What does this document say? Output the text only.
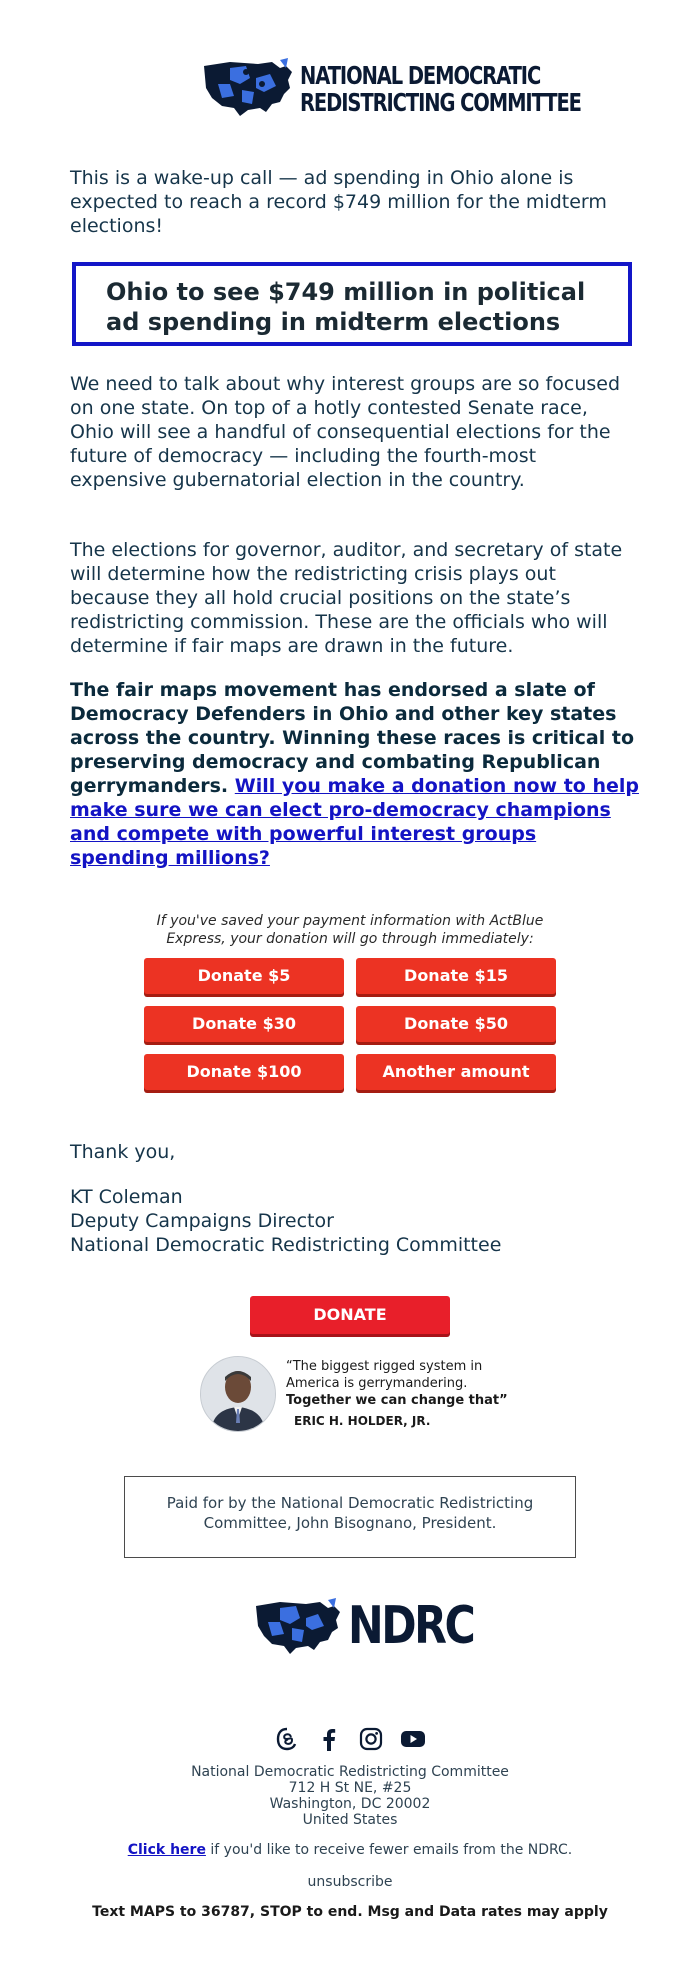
NATIONAL DEMOCRATIC
REDISTRICTING COMMITTEE

This is a wake-up call — ad spending in Ohio alone is expected to reach a record $749 million for the midterm elections!

Ohio to see $749 million in political ad spending in midterm elections

We need to talk about why interest groups are so focused on one state. On top of a hotly contested Senate race, Ohio will see a handful of consequential elections for the future of democracy — including the fourth-most expensive gubernatorial election in the country.

The elections for governor, auditor, and secretary of state will determine how the redistricting crisis plays out because they all hold crucial positions on the state’s redistricting commission. These are the officials who will determine if fair maps are drawn in the future.

The fair maps movement has endorsed a slate of Democracy Defenders in Ohio and other key states across the country. Winning these races is critical to preserving democracy and combating Republican gerrymanders. Will you make a donation now to help make sure we can elect pro-democracy champions and compete with powerful interest groups spending millions?

If you've saved your payment information with ActBlue Express, your donation will go through immediately:

Donate $5	Donate $15
Donate $30	Donate $50
Donate $100	Another amount

Thank you,

KT Coleman
Deputy Campaigns Director
National Democratic Redistricting Committee
DONATE
“The biggest rigged system in America is gerrymandering.
Together we can change that”
ERIC H. HOLDER, JR.

Paid for by the National Democratic Redistricting Committee, John Bisognano, President.

NDRC
National Democratic Redistricting Committee
712 H St NE, #25
Washington, DC 20002
United States
Click here if you'd like to receive fewer emails from the NDRC.
unsubscribe
Text MAPS to 36787, STOP to end. Msg and Data rates may apply
